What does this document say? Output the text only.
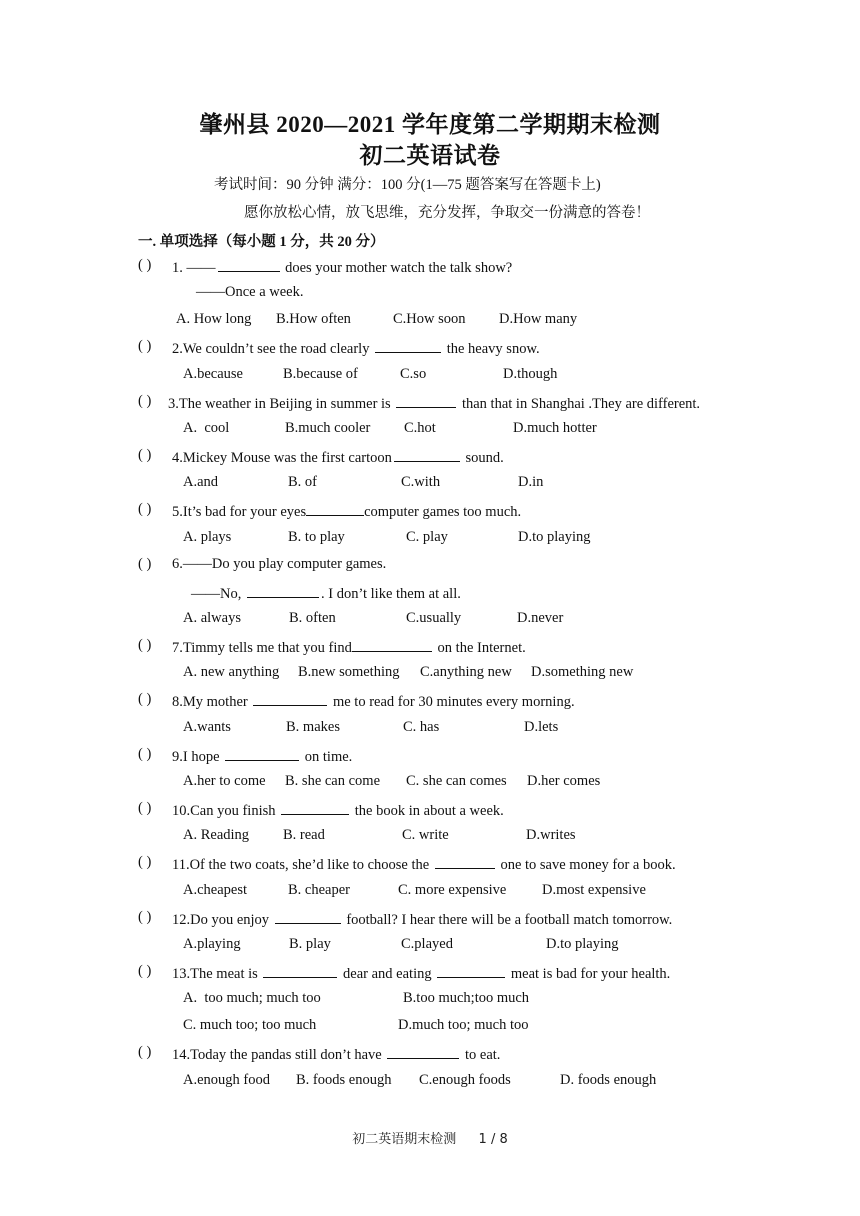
肇州县 2020—2021 学年度第二学期期末检测
初二英语试卷
考试时间：90 分钟 满分：100 分(1—75 题答案写在答题卡上)
愿你放松心情，放飞思维，充分发挥，争取交一份满意的答卷！
一. 单项选择（每小题 1 分，共 20 分）
( ) 1. ——	does your mother watch the talk show?
——Once a week.
A. How long B.How often	C.How soon D.How many
( ) 2.We couldn’t see the road clearly	the heavy snow.
A.because	B.because of	C.so	D.though
( ) 3.The weather in Beijing in summer is	than that in Shanghai .They are different.
A.  cool	B.much cooler C.hot	D.much hotter
( ) 4.Mickey Mouse was the first cartoon	sound.
A.and	B. of	C.with	D.in
( ) 5.It’s bad for your eyes	computer games too much.
A. plays	B. to play	C. play	D.to playing
( ) 6.——Do you play computer games.
——No,	. I don’t like them at all.
A. always	B. often	C.usually	D.never
( ) 7.Timmy tells me that you find	on the Internet.
A. new anything B.new something C.anything new D.something new
( ) 8.My mother	me to read for 30 minutes every morning.
A.wants	B. makes	C. has	D.lets
( ) 9.I hope	on time.
A.her to come B. she can come C. she can comes D.her comes
( ) 10.Can you finish	the book in about a week.
A. Reading B. read	C. write	D.writes
( ) 11.Of the two coats, she’d like to choose the	one to save money for a book.
A.cheapest	B. cheaper	C. more expensive D.most expensive
( ) 12.Do you enjoy	football? I hear there will be a football match tomorrow.
A.playing	B. play	C.played	D.to playing
( ) 13.The meat is	dear and eating	meat is bad for your health.
A.  too much; much too	B.too much;too much
C. much too; too much	D.much too; much too
( ) 14.Today the pandas still don’t have	to eat.
A.enough food B. foods enough C.enough foods	D. foods enough
初二英语期末检测 1 / 8
